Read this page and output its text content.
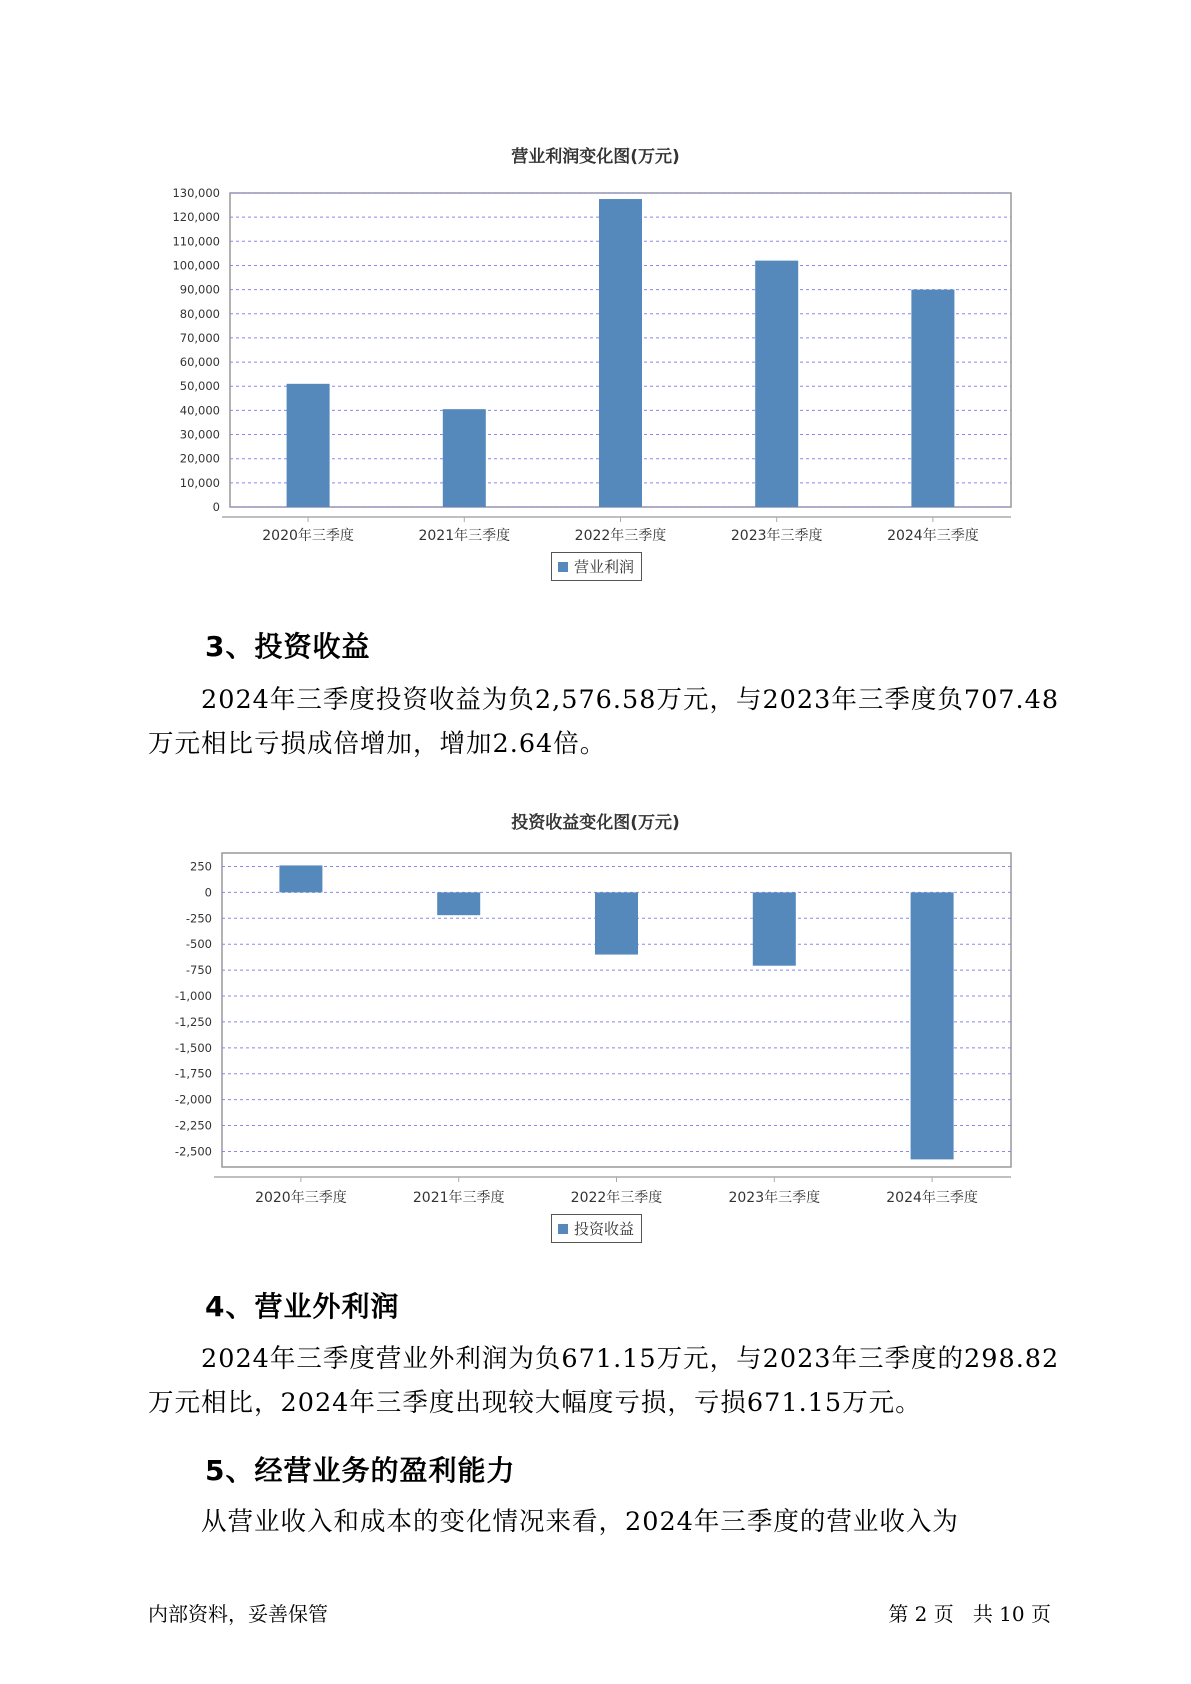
营业利润变化图(万元)
0
10,000
20,000
30,000
40,000
50,000
60,000
70,000
80,000
90,000
100,000
110,000
120,000
130,000
2020年三季度	2021年三季度	2022年三季度	2023年三季度	2024年三季度
营业利润
3、投资收益

2024年三季度投资收益为负2,576.58万元，与2023年三季度负707.48
万元相比亏损成倍增加，增加2.64倍。

投资收益变化图(万元)
250
0
-250
-500
-750
-1,000
-1,250
-1,500
-1,750
-2,000
-2,250
-2,500
2020年三季度	2021年三季度	2022年三季度	2023年三季度	2024年三季度
投资收益
4、营业外利润

2024年三季度营业外利润为负671.15万元，与2023年三季度的298.82
万元相比，2024年三季度出现较大幅度亏损，亏损671.15万元。

5、经营业务的盈利能力

从营业收入和成本的变化情况来看，2024年三季度的营业收入为

内部资料，妥善保管	第 2 页   共 10 页
